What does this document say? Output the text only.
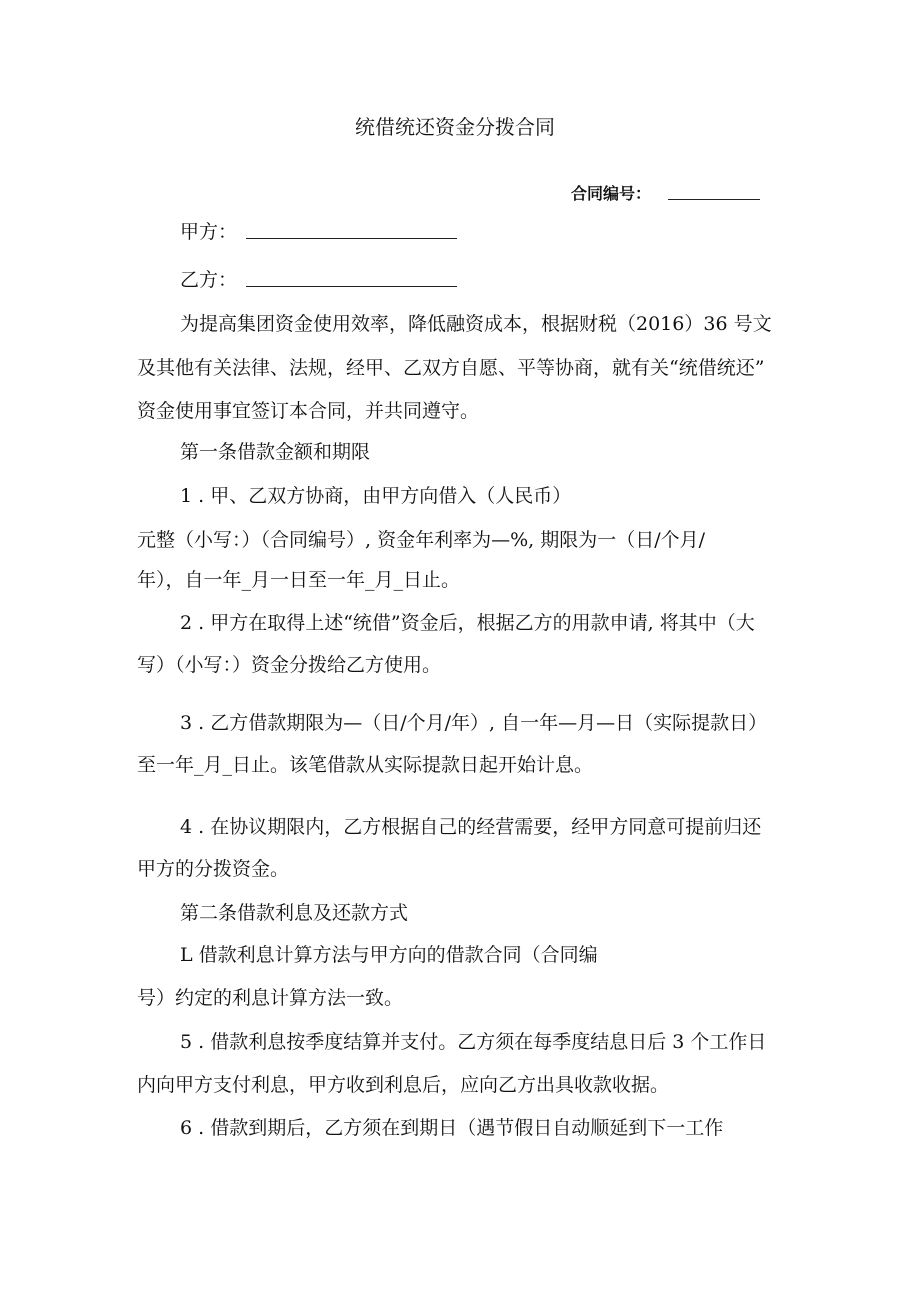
统借统还资金分拨合同
合同编号：
甲方：
乙方：
为提高集团资金使用效率，降低融资成本，根据财税（2016）36 号文
及其他有关法律、法规，经甲、乙双方自愿、平等协商，就有关“统借统还”
资金使用事宜签订本合同，并共同遵守。
第一条借款金额和期限
1 . 甲、乙双方协商，由甲方向借入（人民币）
元整（小写：）（合同编号）, 资金年利率为—%, 期限为一（日/个月/
年），自一年_月一日至一年_月_日止。
2 . 甲方在取得上述“统借”资金后，根据乙方的用款申请, 将其中（大
写）（小写：）资金分拨给乙方使用。
3 . 乙方借款期限为—（日/个月/年）, 自一年—月—日（实际提款日）
至一年_月_日止。该笔借款从实际提款日起开始计息。
4 . 在协议期限内，乙方根据自己的经营需要，经甲方同意可提前归还
甲方的分拨资金。
第二条借款利息及还款方式
L 借款利息计算方法与甲方向的借款合同（合同编
号）约定的利息计算方法一致。
5 . 借款利息按季度结算并支付。乙方须在每季度结息日后 3 个工作日
内向甲方支付利息，甲方收到利息后，应向乙方出具收款收据。
6 . 借款到期后，乙方须在到期日（遇节假日自动顺延到下一工作
